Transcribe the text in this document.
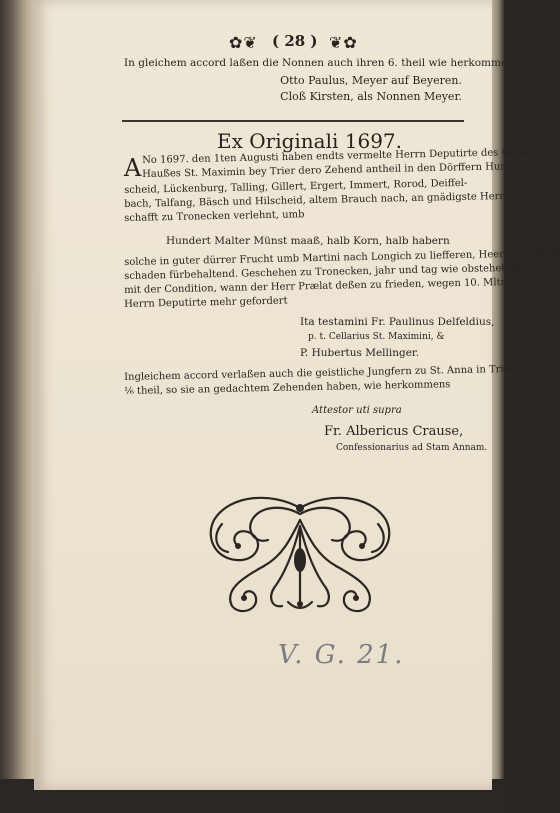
✿❦ ( 28 ) ❦✿
In gleichem accord laßen die Nonnen auch ihren 6. theil wie herkommens
Otto Paulus, Meyer auf Beyeren.
Cloß Kirsten, als Nonnen Meyer.
Ex Originali 1697.
A No 1697. den 1ten Augusti haben endts vermelte Herrn Deputirte des Gottes
Haußes St. Maximin bey Trier dero Zehend antheil in den Dörffern Hur-
scheid, Lückenburg, Talling, Gillert, Ergert, Immert, Rorod, Deiffel-
bach, Talfang, Bäsch und Hilscheid, altem Brauch nach, an gnädigste Herr-
schafft zu Tronecken verlehnt, umb
Hundert Malter Münst maaß, halb Korn, halb habern
solche in guter dürrer Frucht umb Martini nach Longich zu liefferen, Heer und Hagel
schaden fürbehaltend. Geschehen zu Tronecken, jahr und tag wie obstehet, doch
mit der Condition, wann der Herr Prælat deßen zu frieden, wegen 10. Mltr. so die
Herrn Deputirte mehr gefordert
Ita testamini Fr. Paulinus Delfeldius,
p. t. Cellarius St. Maximini, &
P. Hubertus Mellinger.
Ingleichem accord verlaßen auch die geistliche Jungfern zu St. Anna in Trier Ihr
⅙ theil, so sie an gedachtem Zehenden haben, wie herkommens
Attestor uti supra
Fr. Albericus Crause,
Confessionarius ad Stam Annam.
V. G. 21.
